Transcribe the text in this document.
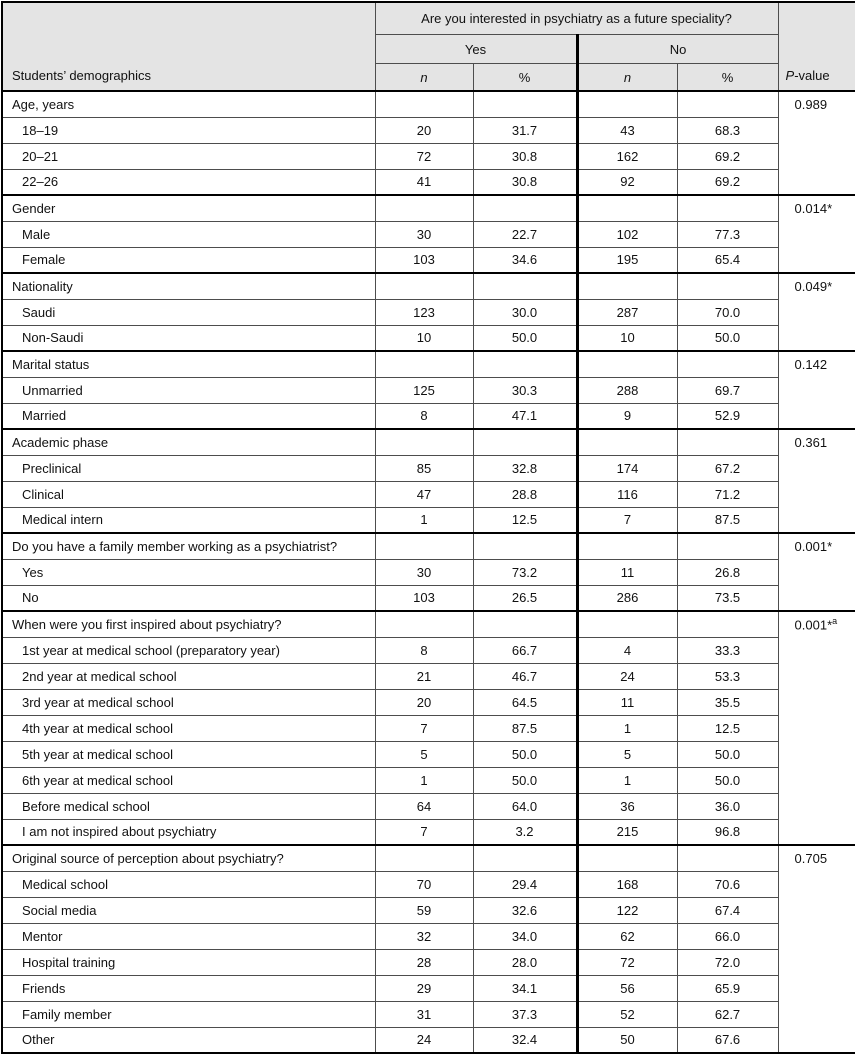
Students’ demographics	Are you interested in psychiatry as a future speciality?				P-value
	Yes		No		
	n	%	n	%	
Age, years					0.989
18–19	20	31.7	43	68.3	
20–21	72	30.8	162	69.2	
22–26	41	30.8	92	69.2	
Gender					0.014*
Male	30	22.7	102	77.3	
Female	103	34.6	195	65.4	
Nationality					0.049*
Saudi	123	30.0	287	70.0	
Non-Saudi	10	50.0	10	50.0	
Marital status					0.142
Unmarried	125	30.3	288	69.7	
Married	8	47.1	9	52.9	
Academic phase					0.361
Preclinical	85	32.8	174	67.2	
Clinical	47	28.8	116	71.2	
Medical intern	1	12.5	7	87.5	
Do you have a family member working as a psychiatrist?					0.001*
Yes	30	73.2	11	26.8	
No	103	26.5	286	73.5	
When were you first inspired about psychiatry?					0.001*$^a$
1st year at medical school (preparatory year)	8	66.7	4	33.3	
2nd year at medical school	21	46.7	24	53.3	
3rd year at medical school	20	64.5	11	35.5	
4th year at medical school	7	87.5	1	12.5	
5th year at medical school	5	50.0	5	50.0	
6th year at medical school	1	50.0	1	50.0	
Before medical school	64	64.0	36	36.0	
I am not inspired about psychiatry	7	3.2	215	96.8	
Original source of perception about psychiatry?					0.705
Medical school	70	29.4	168	70.6	
Social media	59	32.6	122	67.4	
Mentor	32	34.0	62	66.0	
Hospital training	28	28.0	72	72.0	
Friends	29	34.1	56	65.9	
Family member	31	37.3	52	62.7	
Other	24	32.4	50	67.6	
